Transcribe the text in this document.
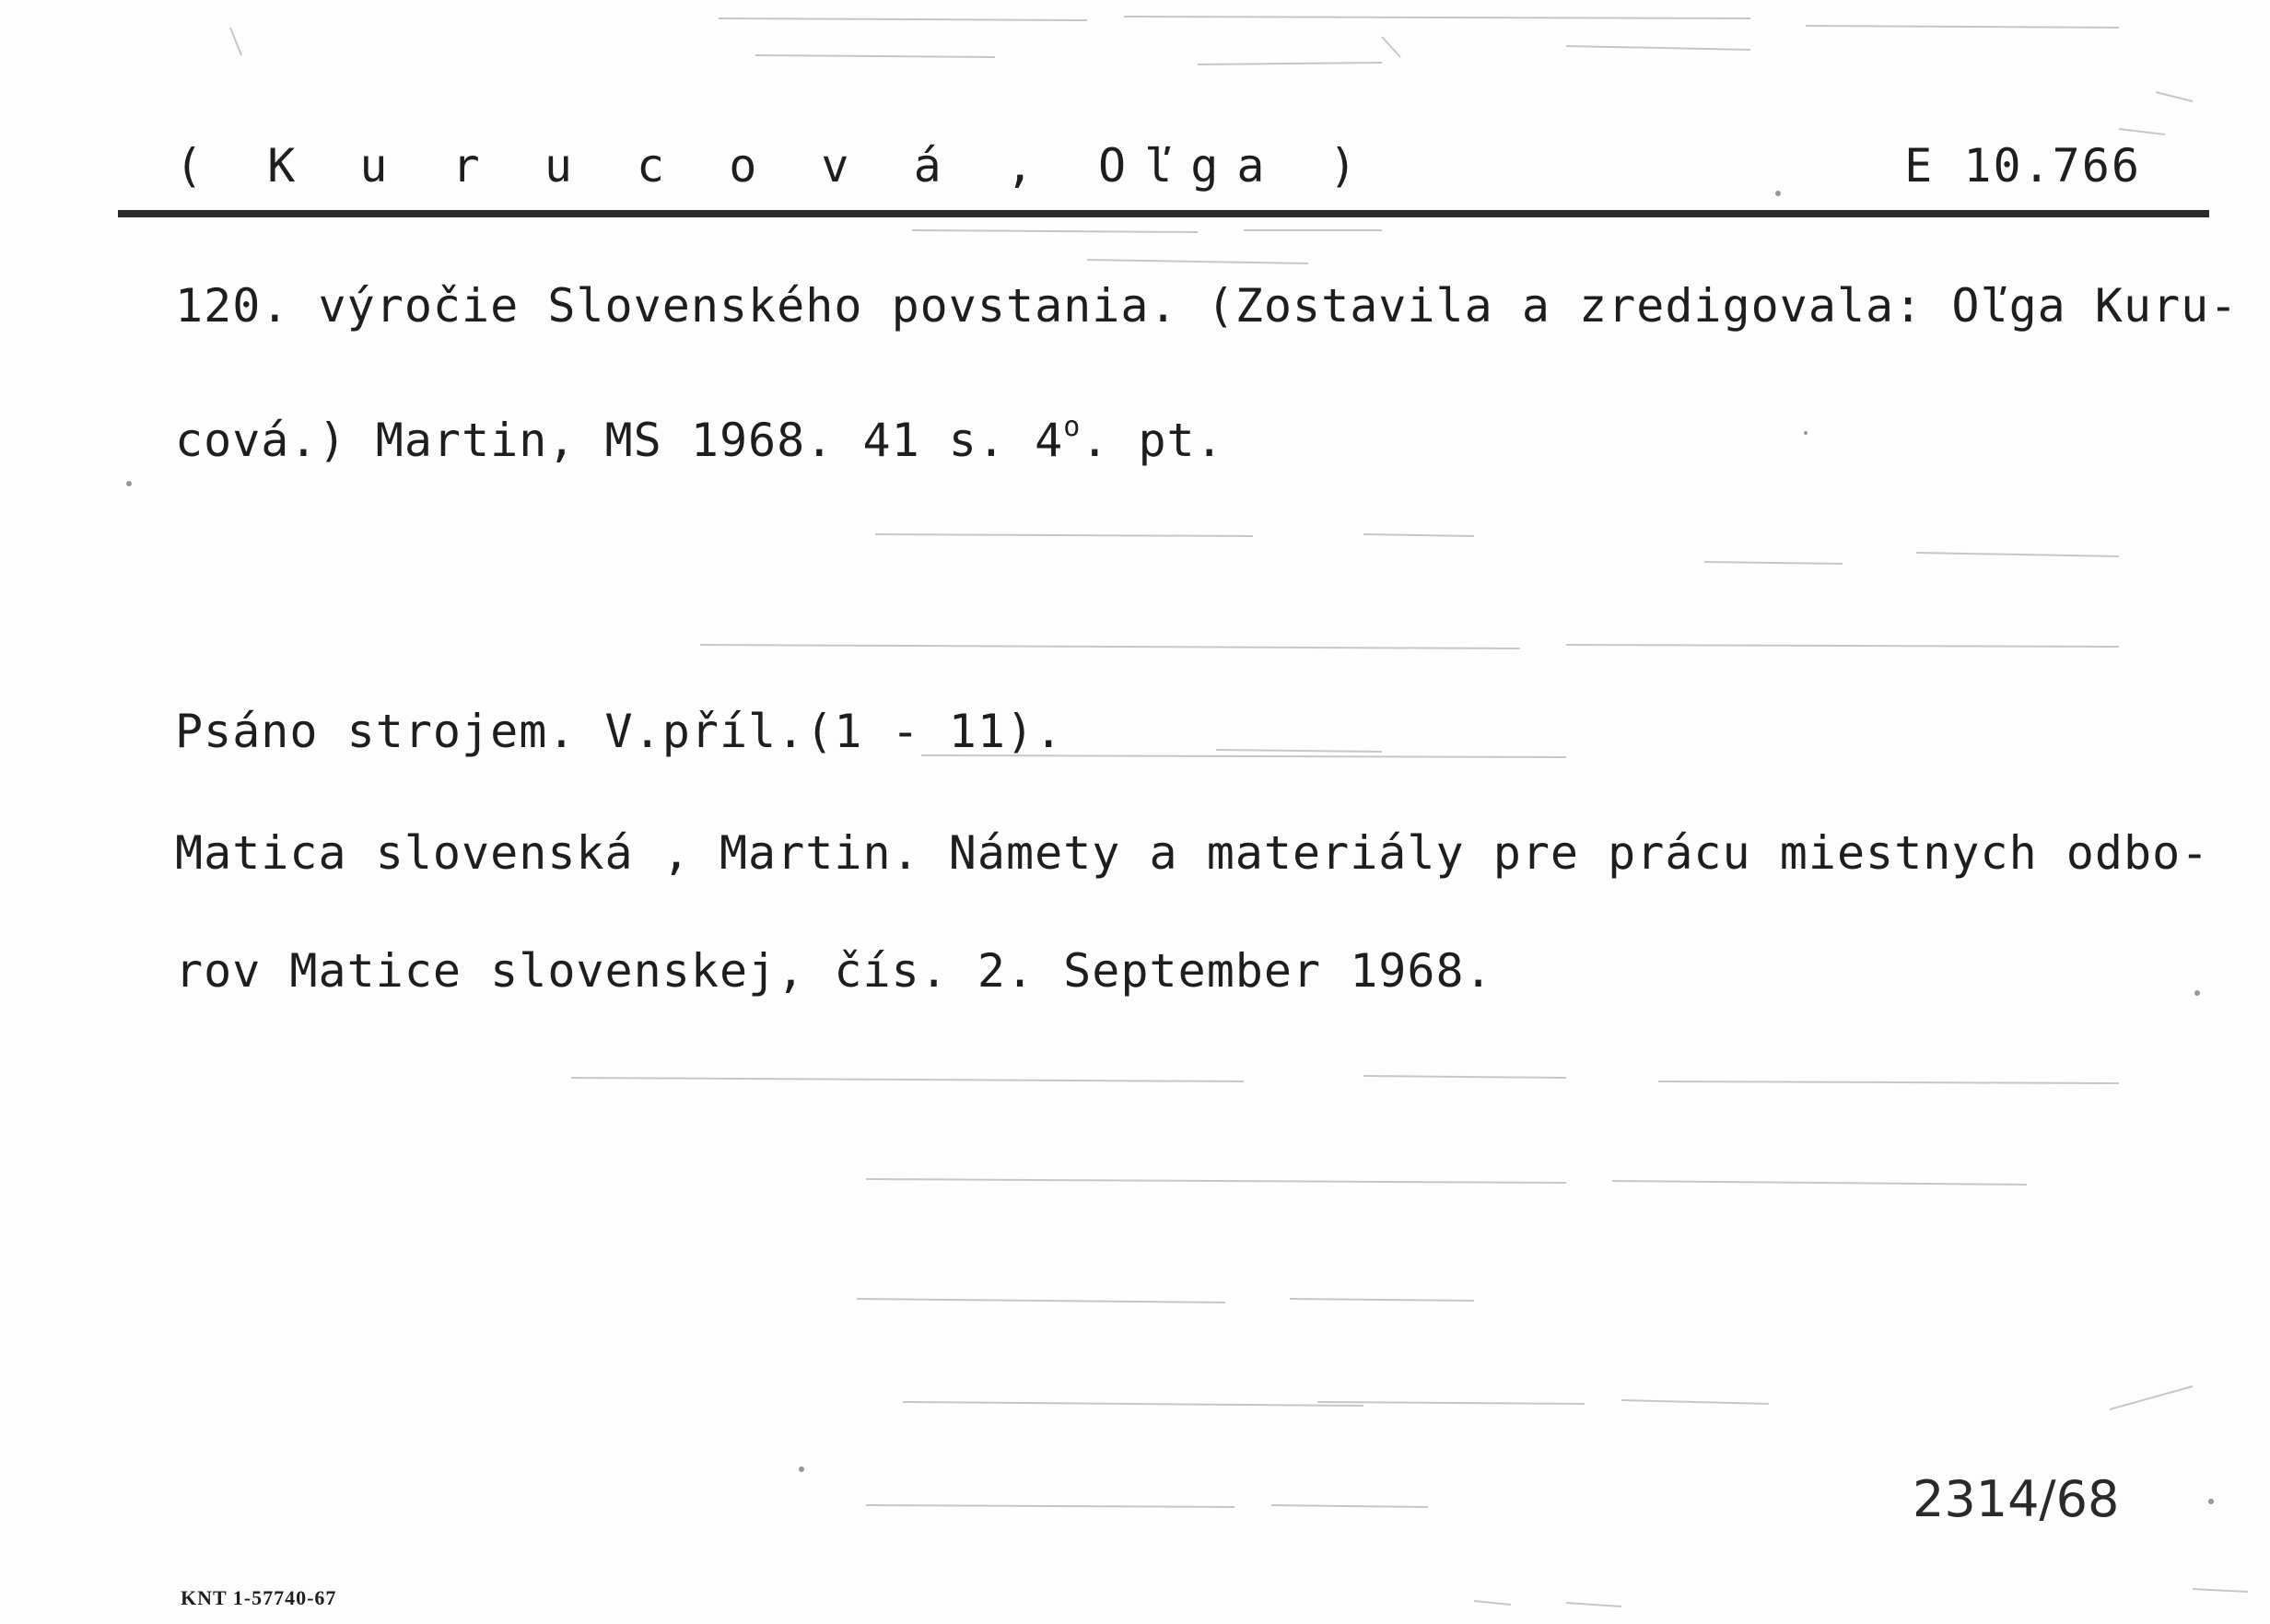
( K u r u c o v á , Oľga )	E 10.766
120. výročie Slovenského povstania. (Zostavila a zredigovala: Oľga Kuru-
cová.) Martin, MS 1968. 41 s. 4$^o$. pt.
Psáno strojem. V.příl.(1 - 11).
Matica slovenská , Martin. Námety a materiály pre prácu miestnych odbo-
rov Matice slovenskej, čís. 2. September 1968.
2314/68
KNT 1-57740-67
